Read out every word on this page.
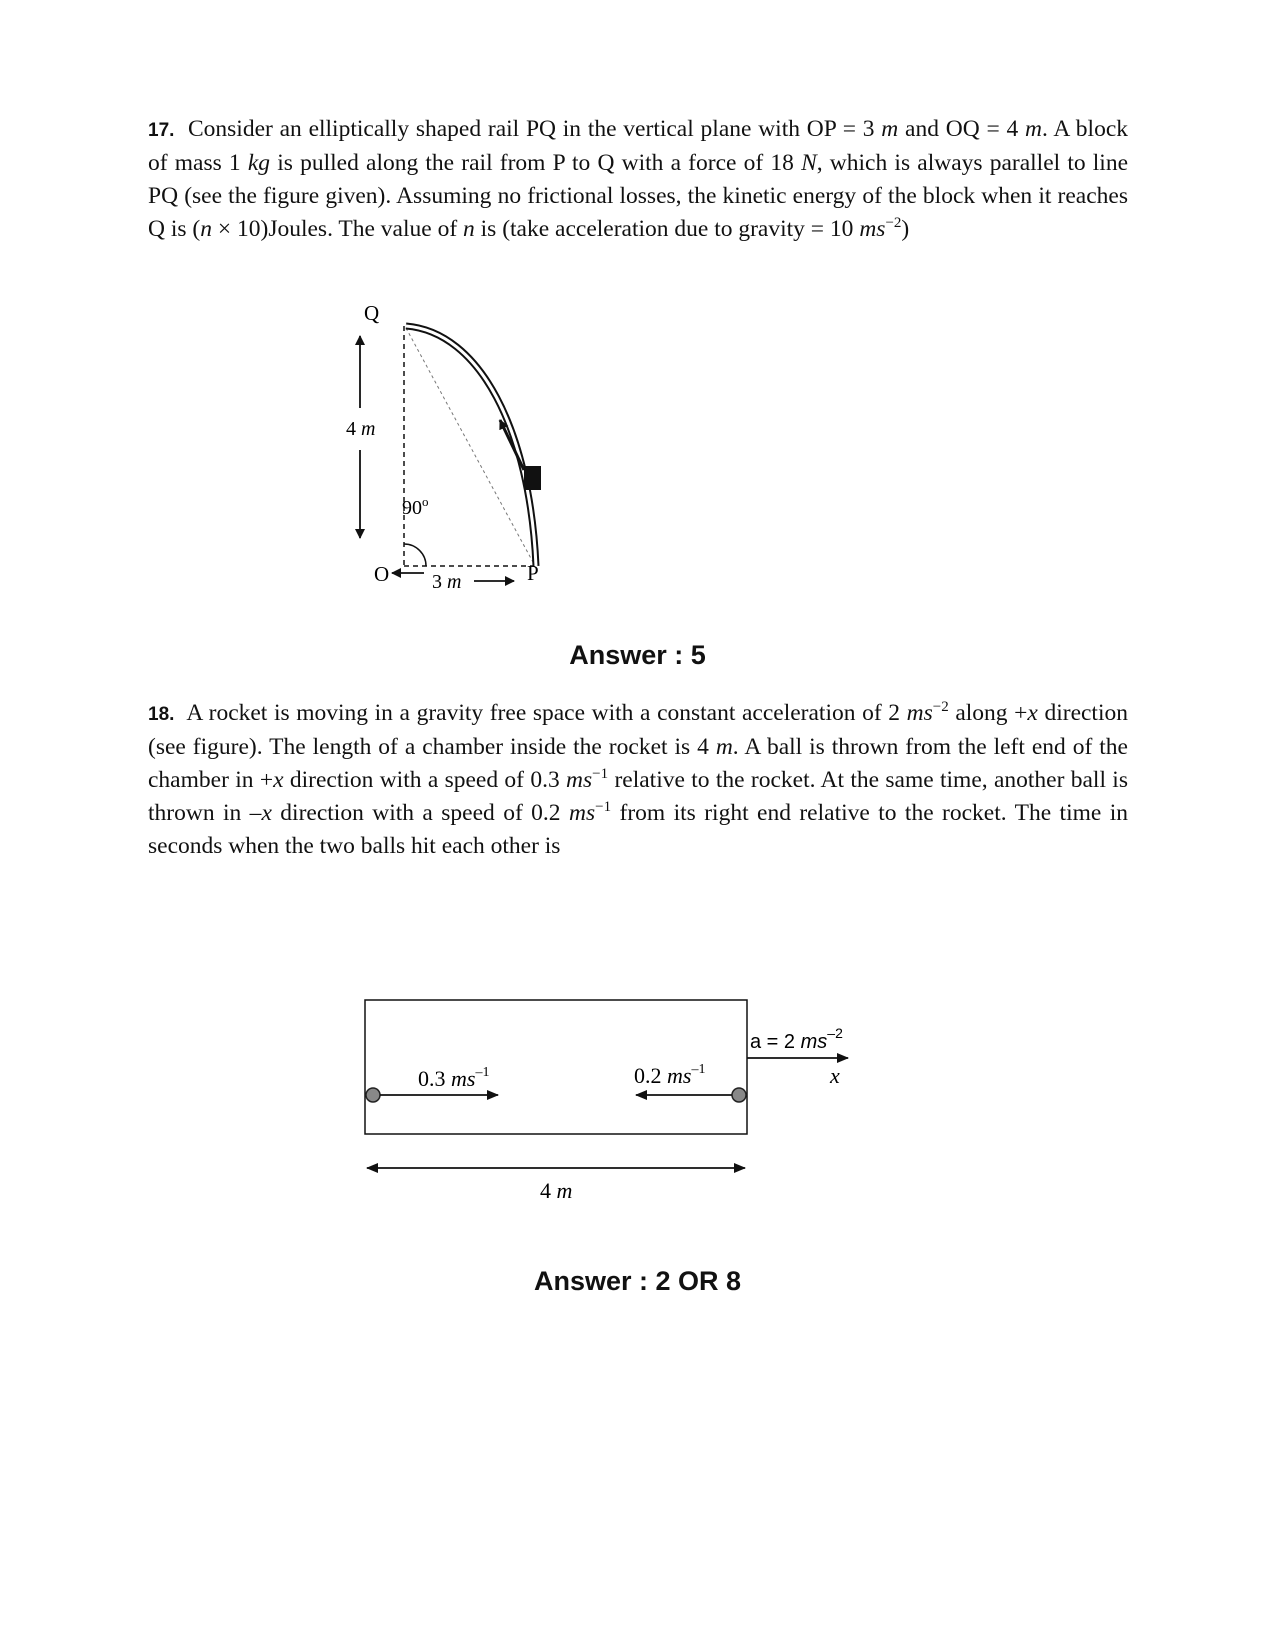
17. Consider an elliptically shaped rail PQ in the vertical plane with OP = 3 m and OQ = 4 m. A block of mass 1 kg is pulled along the rail from P to Q with a force of 18 N, which is always parallel to line PQ (see the figure given). Assuming no frictional losses, the kinetic energy of the block when it reaches Q is (n × 10)Joules. The value of n is (take acceleration due to gravity = 10 $ms^{-2}$)
4 m
90$^o$
Q
O	P
3 m
Answer : 5
18. A rocket is moving in a gravity free space with a constant acceleration of 2 $ms^{-2}$ along +x direction (see figure). The length of a chamber inside the rocket is 4 m. A ball is thrown from the left end of the chamber in +x direction with a speed of 0.3 $ms^{-1}$ relative to the rocket. At the same time, another ball is thrown in –x direction with a speed of 0.2 $ms^{-1}$ from its right end relative to the rocket. The time in seconds when the two balls hit each other is
0.3 $ms^{-1}$	0.2 $ms^{-1}$
a = 2 $ms^{-2}$
x
4 m
Answer : 2 OR 8
